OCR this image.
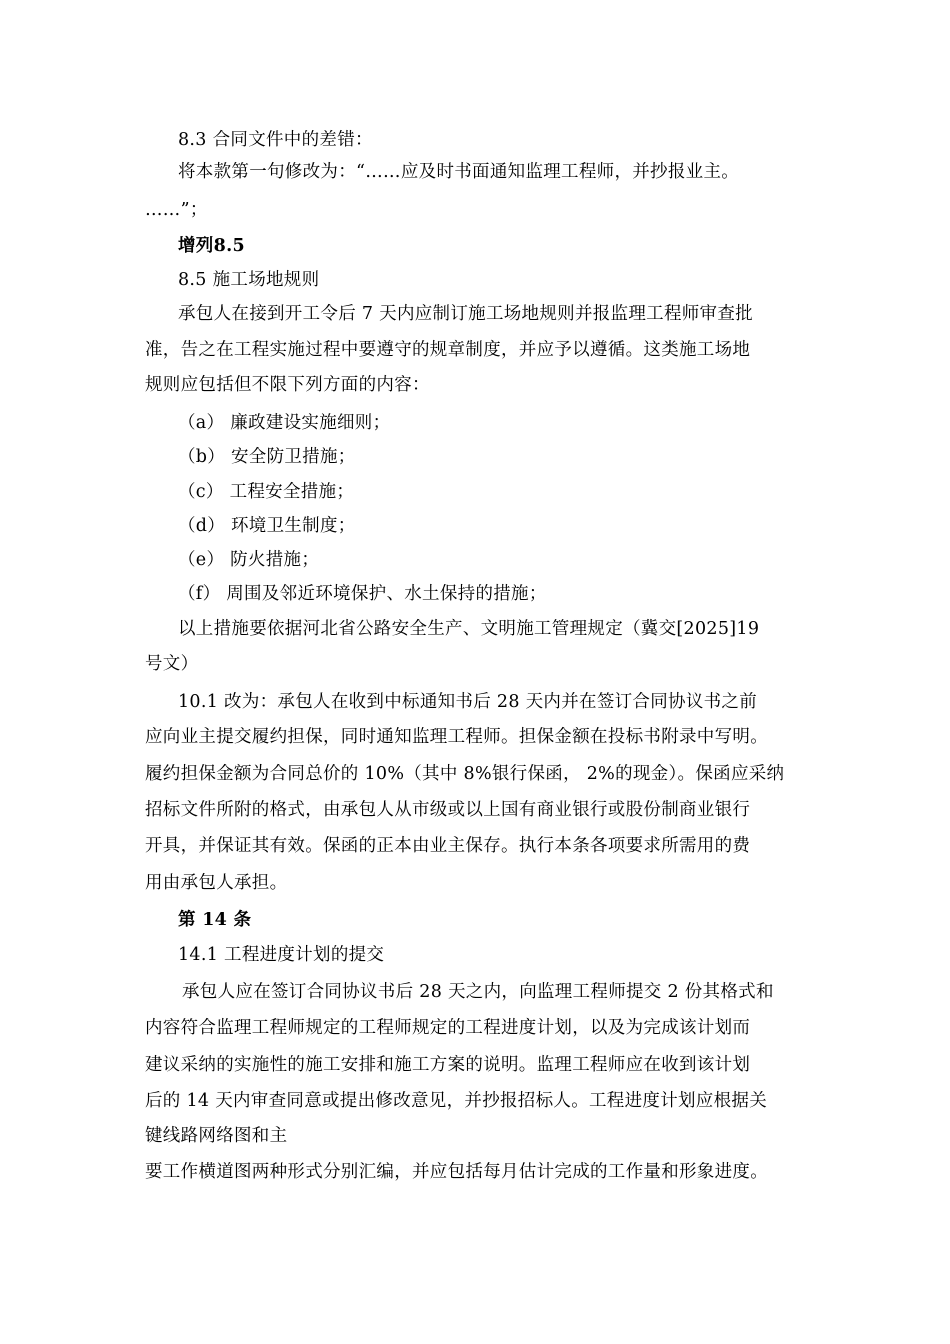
8.3 合同文件中的差错：
将本款第一句修改为：“……应及时书面通知监理工程师，并抄报业主。
……”；
增列8.5
8.5 施工场地规则
承包人在接到开工令后 7 天内应制订施工场地规则并报监理工程师审查批
准，告之在工程实施过程中要遵守的规章制度，并应予以遵循。这类施工场地
规则应包括但不限下列方面的内容：
（a） 廉政建设实施细则；
（b） 安全防卫措施；
（c） 工程安全措施；
（d） 环境卫生制度；
（e） 防火措施；
（f） 周围及邻近环境保护、水土保持的措施；
以上措施要依据河北省公路安全生产、文明施工管理规定（冀交[2025]19
号文）
10.1 改为：承包人在收到中标通知书后 28 天内并在签订合同协议书之前
应向业主提交履约担保，同时通知监理工程师。担保金额在投标书附录中写明。
履约担保金额为合同总价的 10%（其中 8%银行保函， 2%的现金）。保函应采纳
招标文件所附的格式，由承包人从市级或以上国有商业银行或股份制商业银行
开具，并保证其有效。保函的正本由业主保存。执行本条各项要求所需用的费
用由承包人承担。
第 14 条
14.1 工程进度计划的提交
承包人应在签订合同协议书后 28 天之内，向监理工程师提交 2 份其格式和
内容符合监理工程师规定的工程师规定的工程进度计划，以及为完成该计划而
建议采纳的实施性的施工安排和施工方案的说明。监理工程师应在收到该计划
后的 14 天内审查同意或提出修改意见，并抄报招标人。工程进度计划应根据关
键线路网络图和主
要工作横道图两种形式分别汇编，并应包括每月估计完成的工作量和形象进度。
